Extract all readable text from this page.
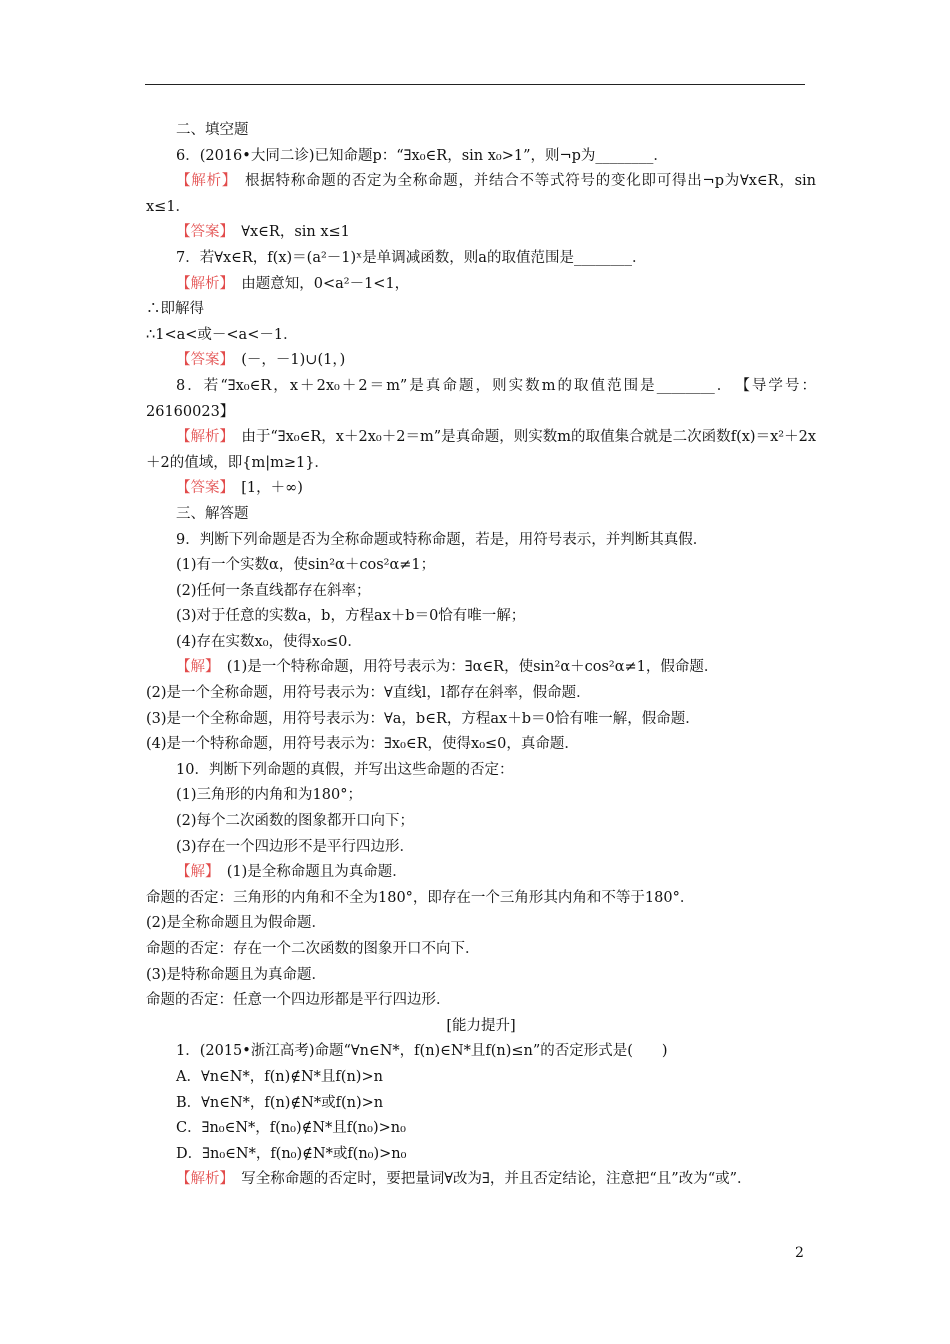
二、填空题

6．(2016•大同二诊)已知命题p：“∃x₀∈R，sin x₀>1”，则¬p为________．

【解析】　根据特称命题的否定为全称命题，并结合不等式符号的变化即可得出¬p为∀x∈R，sin x≤1．

【答案】　∀x∈R，sin x≤1

7．若∀x∈R，f(x)＝(a²－1)ˣ是单调减函数，则a的取值范围是________．

【解析】　由题意知，0<a²－1<1，

∴即解得

∴1<a<或－<a<－1．

【答案】　(－，－1)∪(1，)

8．若“∃x₀∈R，x＋2x₀＋2＝m”是真命题，则实数m的取值范围是________．　【导学号：26160023】

【解析】　由于“∃x₀∈R，x＋2x₀＋2＝m”是真命题，则实数m的取值集合就是二次函数f(x)＝x²＋2x＋2的值域，即{m|m≥1}．

【答案】　[1，＋∞)

三、解答题

9．判断下列命题是否为全称命题或特称命题，若是，用符号表示，并判断其真假．

(1)有一个实数α，使sin²α＋cos²α≠1；

(2)任何一条直线都存在斜率；

(3)对于任意的实数a，b，方程ax＋b＝0恰有唯一解；

(4)存在实数x₀，使得x₀≤0．

【解】　(1)是一个特称命题，用符号表示为：∃α∈R，使sin²α＋cos²α≠1，假命题．

(2)是一个全称命题，用符号表示为：∀直线l，l都存在斜率，假命题．

(3)是一个全称命题，用符号表示为：∀a，b∈R，方程ax＋b＝0恰有唯一解，假命题．

(4)是一个特称命题，用符号表示为：∃x₀∈R，使得x₀≤0，真命题．

10．判断下列命题的真假，并写出这些命题的否定：

(1)三角形的内角和为180°；

(2)每个二次函数的图象都开口向下；

(3)存在一个四边形不是平行四边形．

【解】　(1)是全称命题且为真命题．

命题的否定：三角形的内角和不全为180°，即存在一个三角形其内角和不等于180°．

(2)是全称命题且为假命题．

命题的否定：存在一个二次函数的图象开口不向下．

(3)是特称命题且为真命题．

命题的否定：任意一个四边形都是平行四边形．

[能力提升]

1．(2015•浙江高考)命题“∀n∈N*，f(n)∈N*且f(n)≤n”的否定形式是(　　)

A．∀n∈N*，f(n)∉N*且f(n)>n

B．∀n∈N*，f(n)∉N*或f(n)>n

C．∃n₀∈N*，f(n₀)∉N*且f(n₀)>n₀

D．∃n₀∈N*，f(n₀)∉N*或f(n₀)>n₀

【解析】　写全称命题的否定时，要把量词∀改为∃，并且否定结论，注意把“且”改为“或”．

2
